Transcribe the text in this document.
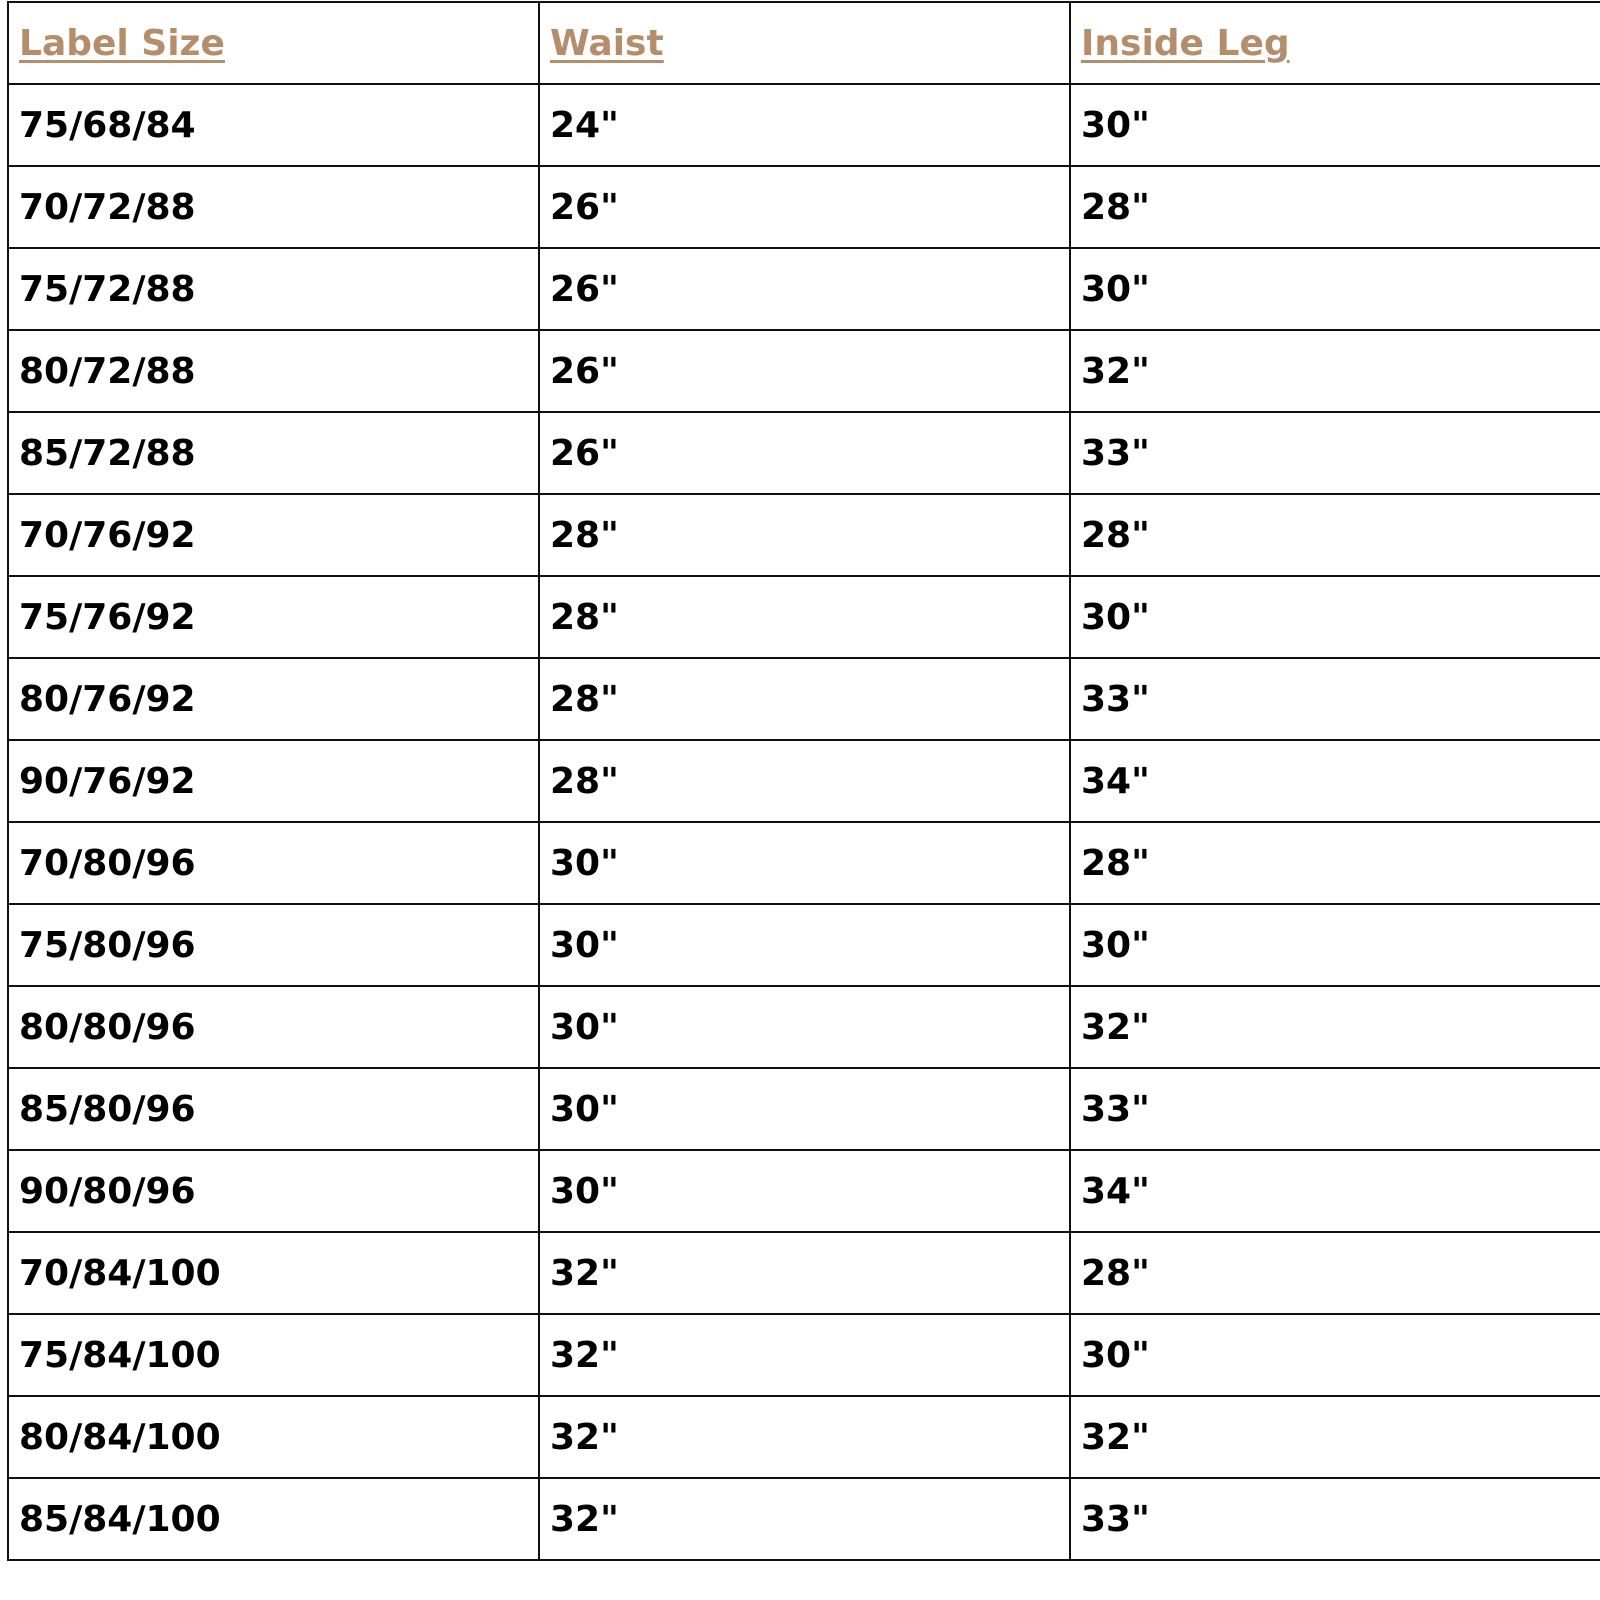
Label Size	Waist	Inside Leg
75/68/84	24"	30"
70/72/88	26"	28"
75/72/88	26"	30"
80/72/88	26"	32"
85/72/88	26"	33"
70/76/92	28"	28"
75/76/92	28"	30"
80/76/92	28"	33"
90/76/92	28"	34"
70/80/96	30"	28"
75/80/96	30"	30"
80/80/96	30"	32"
85/80/96	30"	33"
90/80/96	30"	34"
70/84/100	32"	28"
75/84/100	32"	30"
80/84/100	32"	32"
85/84/100	32"	33"
